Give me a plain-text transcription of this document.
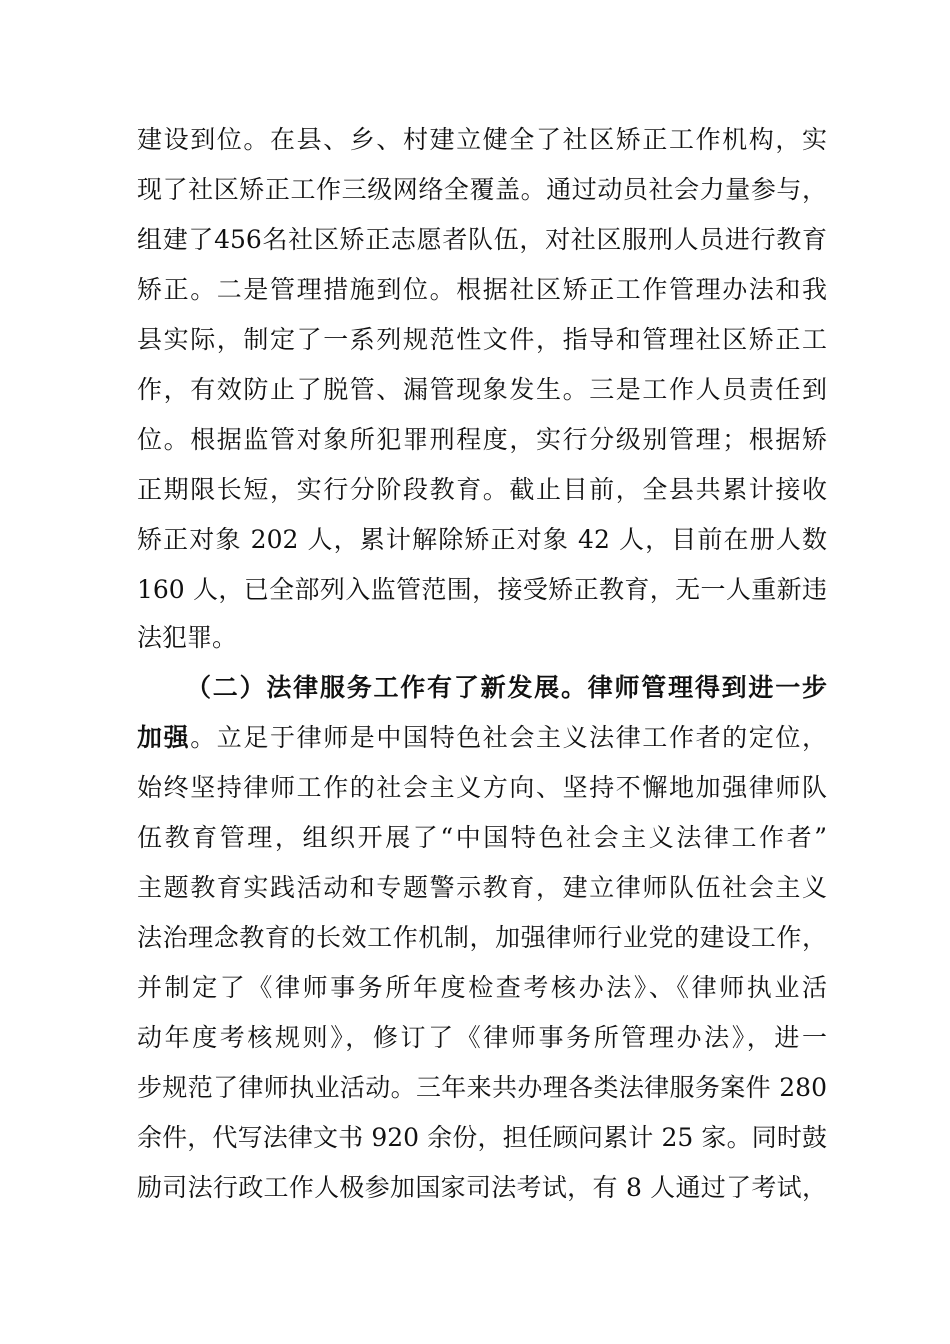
建设到位。在县、乡、村建立健全了社区矫正工作机构，实
现了社区矫正工作三级网络全覆盖。通过动员社会力量参与，
组建了456名社区矫正志愿者队伍，对社区服刑人员进行教育
矫正。二是管理措施到位。根据社区矫正工作管理办法和我
县实际，制定了一系列规范性文件，指导和管理社区矫正工
作，有效防止了脱管、漏管现象发生。三是工作人员责任到
位。根据监管对象所犯罪刑程度，实行分级别管理；根据矫
正期限长短，实行分阶段教育。截止目前，全县共累计接收
矫正对象 202 人，累计解除矫正对象 42 人，目前在册人数
160 人，已全部列入监管范围，接受矫正教育，无一人重新违
法犯罪。
（二）法律服务工作有了新发展。律师管理得到进一步
加强。立足于律师是中国特色社会主义法律工作者的定位，
始终坚持律师工作的社会主义方向、坚持不懈地加强律师队
伍教育管理，组织开展了“中国特色社会主义法律工作者”
主题教育实践活动和专题警示教育，建立律师队伍社会主义
法治理念教育的长效工作机制，加强律师行业党的建设工作，
并制定了《律师事务所年度检查考核办法》、《律师执业活
动年度考核规则》，修订了《律师事务所管理办法》，进一
步规范了律师执业活动。三年来共办理各类法律服务案件 280
余件，代写法律文书 920 余份，担任顾问累计 25 家。同时鼓
励司法行政工作人极参加国家司法考试，有 8 人通过了考试，
